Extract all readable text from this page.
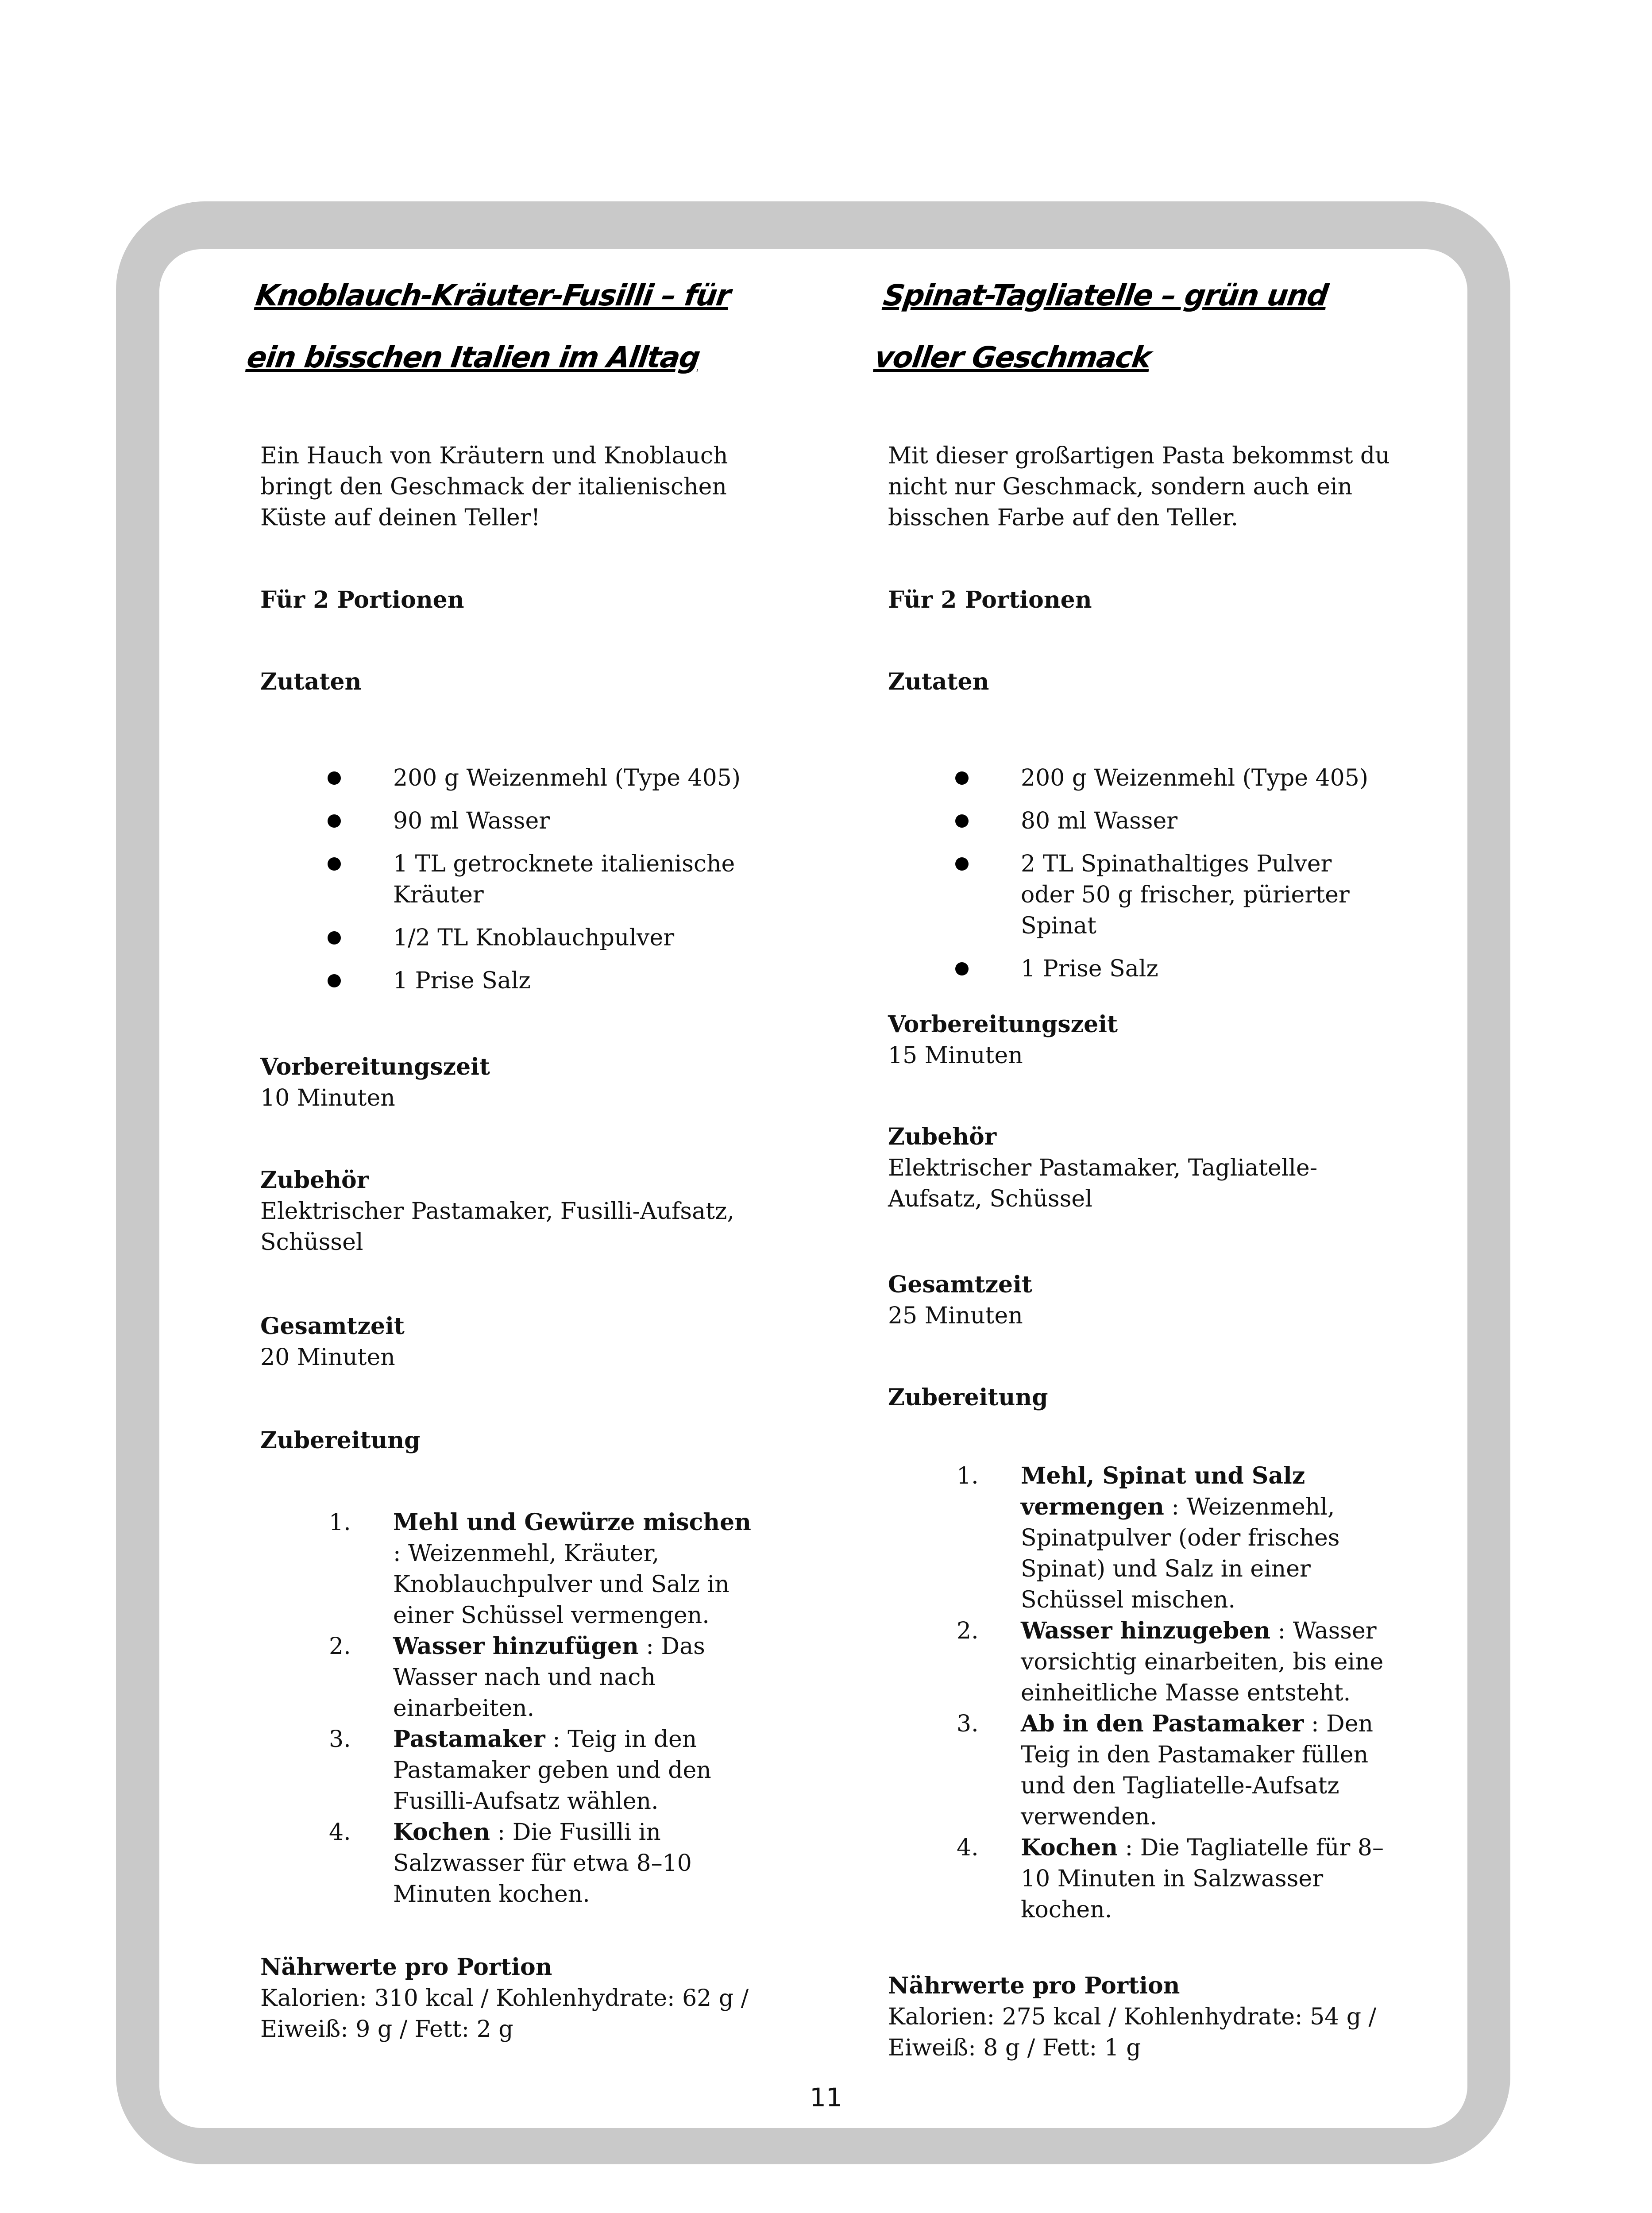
Knoblauch-Kräuter-Fusilli – für ein bisschen Italien im Alltag
Ein Hauch von Kräutern und Knoblauch bringt den Geschmack der italienischen Küste auf deinen Teller!
Für 2 Portionen
Zutaten
200 g Weizenmehl (Type 405)
90 ml Wasser
1 TL getrocknete italienische Kräuter
1/2 TL Knoblauchpulver
1 Prise Salz
Vorbereitungszeit
10 Minuten
Zubehör
Elektrischer Pastamaker, Fusilli-Aufsatz, Schüssel
Gesamtzeit
20 Minuten
Zubereitung
1. Mehl und Gewürze mischen : Weizenmehl, Kräuter, Knoblauchpulver und Salz in einer Schüssel vermengen.
2. Wasser hinzufügen : Das Wasser nach und nach einarbeiten.
3. Pastamaker : Teig in den Pastamaker geben und den Fusilli-Aufsatz wählen.
4. Kochen : Die Fusilli in Salzwasser für etwa 8–10 Minuten kochen.
Nährwerte pro Portion
Kalorien: 310 kcal / Kohlenhydrate: 62 g / Eiweiß: 9 g / Fett: 2 g
Spinat-Tagliatelle – grün und voller Geschmack
Mit dieser großartigen Pasta bekommst du nicht nur Geschmack, sondern auch ein bisschen Farbe auf den Teller.
Für 2 Portionen
Zutaten
200 g Weizenmehl (Type 405)
80 ml Wasser
2 TL Spinathaltiges Pulver oder 50 g frischer, pürierter Spinat
1 Prise Salz
Vorbereitungszeit
15 Minuten
Zubehör
Elektrischer Pastamaker, Tagliatelle-Aufsatz, Schüssel
Gesamtzeit
25 Minuten
Zubereitung
1. Mehl, Spinat und Salz vermengen : Weizenmehl, Spinatpulver (oder frisches Spinat) und Salz in einer Schüssel mischen.
2. Wasser hinzugeben : Wasser vorsichtig einarbeiten, bis eine einheitliche Masse entsteht.
3. Ab in den Pastamaker : Den Teig in den Pastamaker füllen und den Tagliatelle-Aufsatz verwenden.
4. Kochen : Die Tagliatelle für 8–10 Minuten in Salzwasser kochen.
Nährwerte pro Portion
Kalorien: 275 kcal / Kohlenhydrate: 54 g / Eiweiß: 8 g / Fett: 1 g
11
